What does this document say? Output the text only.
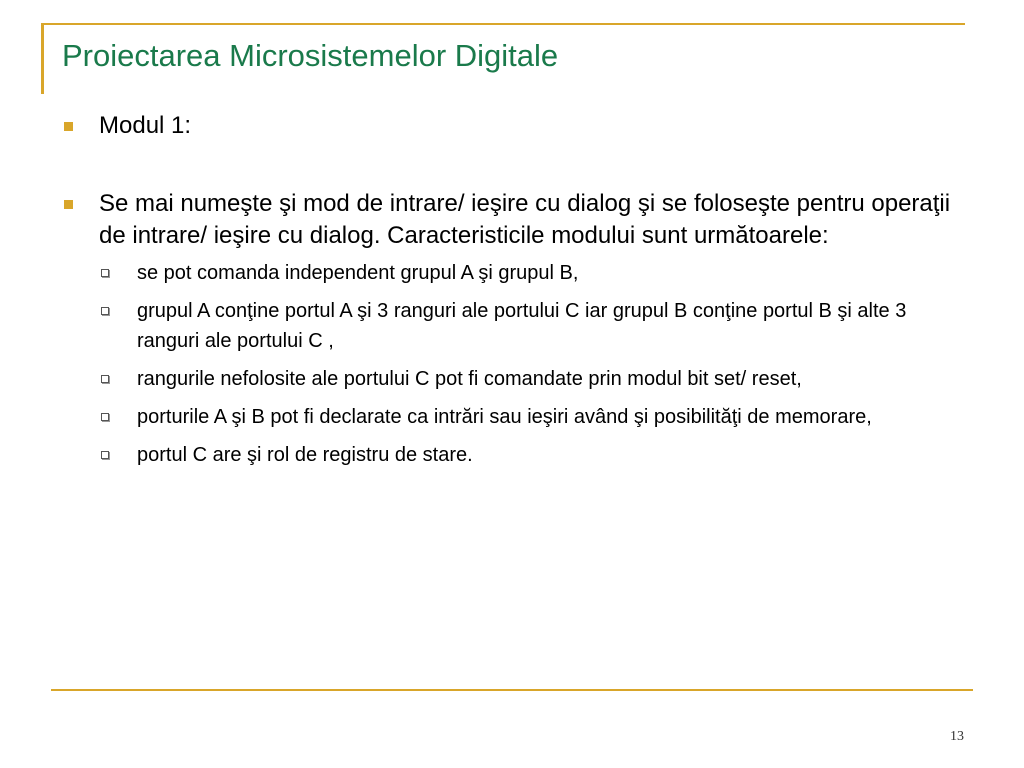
Proiectarea Microsistemelor Digitale

Modul 1:

Se mai numeşte şi mod de intrare/ ieşire cu dialog şi se foloseşte pentru operaţii de intrare/ ieşire cu dialog. Caracteristicile modului sunt următoarele:

se pot comanda independent grupul A şi grupul B,
grupul A conţine portul A şi 3 ranguri ale portului C iar grupul B conţine portul B şi alte 3 ranguri ale portului C ,
rangurile nefolosite ale portului C pot fi comandate prin modul bit set/ reset,
porturile A şi B pot fi declarate ca intrări sau ieşiri având şi posibilităţi de memorare,
portul C are şi rol de registru de stare.
13
